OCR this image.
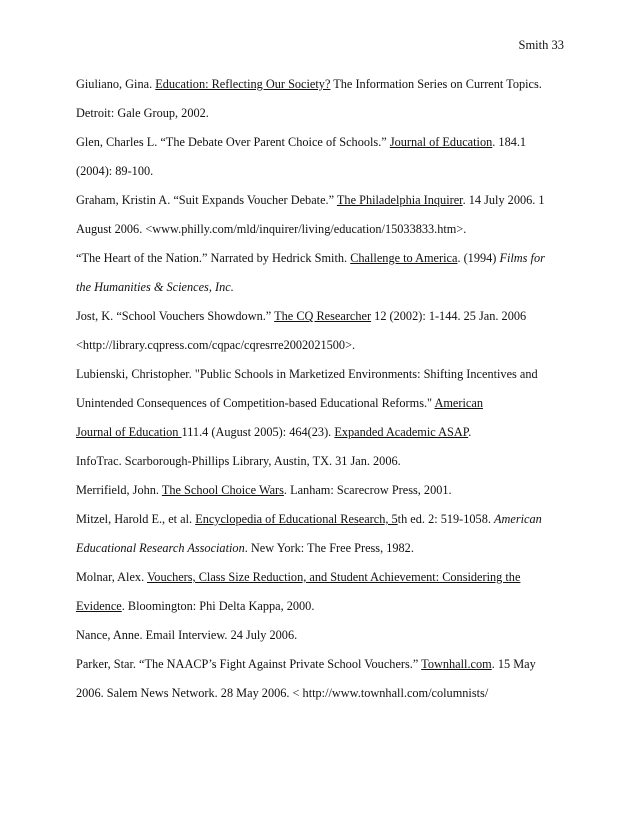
Smith 33
Giuliano, Gina. Education: Reflecting Our Society? The Information Series on Current Topics.
Detroit: Gale Group, 2002.
Glen, Charles L. “The Debate Over Parent Choice of Schools.” Journal of Education. 184.1
(2004): 89-100.
Graham, Kristin A. “Suit Expands Voucher Debate.” The Philadelphia Inquirer. 14 July 2006. 1
August 2006. <www.philly.com/mld/inquirer/living/education/15033833.htm>.
“The Heart of the Nation.” Narrated by Hedrick Smith. Challenge to America. (1994) Films for
the Humanities & Sciences, Inc.
Jost, K. “School Vouchers Showdown.” The CQ Researcher 12 (2002): 1-144. 25 Jan. 2006
<http://library.cqpress.com/cqpac/cqresrre2002021500>.
Lubienski, Christopher. "Public Schools in Marketized Environments: Shifting Incentives and
Unintended Consequences of Competition-based Educational Reforms." American
Journal of Education 111.4 (August 2005): 464(23). Expanded Academic ASAP.
InfoTrac. Scarborough-Phillips Library, Austin, TX. 31 Jan. 2006.
Merrifield, John. The School Choice Wars. Lanham: Scarecrow Press, 2001.
Mitzel, Harold E., et al. Encyclopedia of Educational Research, 5th ed. 2: 519-1058. American
Educational Research Association. New York: The Free Press, 1982.
Molnar, Alex. Vouchers, Class Size Reduction, and Student Achievement: Considering the
Evidence. Bloomington: Phi Delta Kappa, 2000.
Nance, Anne. Email Interview. 24 July 2006.
Parker, Star. “The NAACP’s Fight Against Private School Vouchers.” Townhall.com. 15 May
2006. Salem News Network. 28 May 2006. < http://www.townhall.com/columnists/
